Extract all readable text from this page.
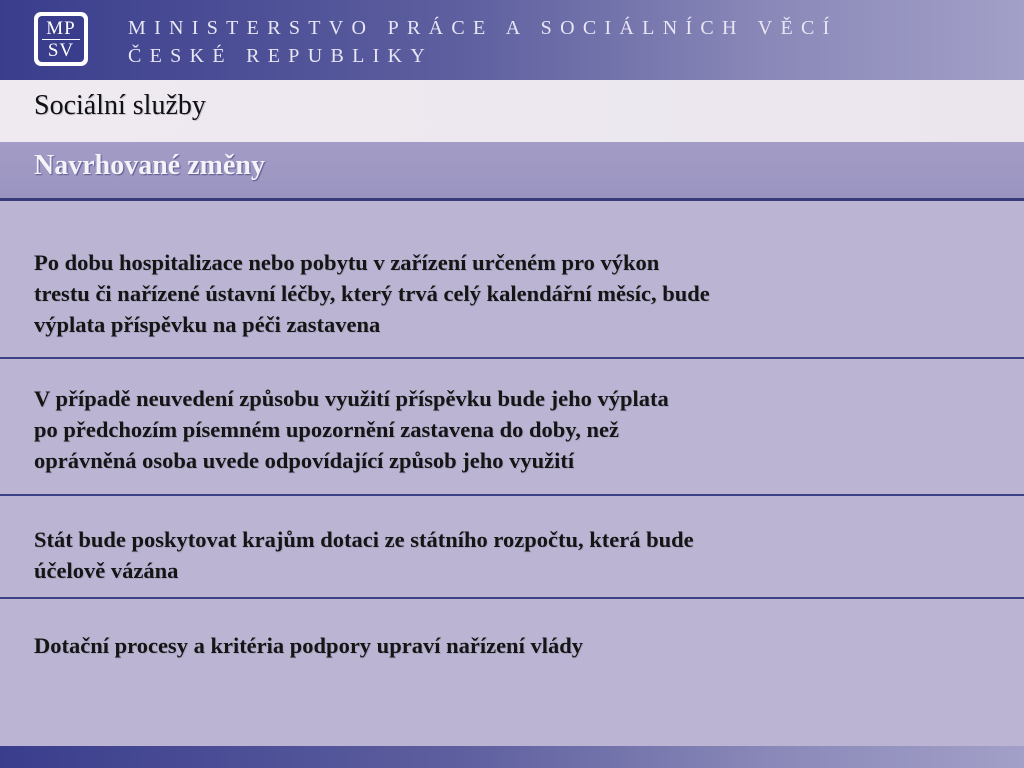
MP
SV
MINISTERSTVO PRÁCE A SOCIÁLNÍCH VĚCÍ
ČESKÉ REPUBLIKY
Sociální služby
Navrhované změny
Po dobu hospitalizace nebo pobytu v zařízení určeném pro výkon
trestu či nařízené ústavní léčby, který trvá celý kalendářní měsíc, bude
výplata příspěvku na péči zastavena
V případě neuvedení způsobu využití příspěvku bude jeho výplata
po předchozím písemném upozornění zastavena do doby, než
oprávněná osoba uvede odpovídající způsob jeho využití
Stát bude poskytovat krajům dotaci ze státního rozpočtu, která bude
účelově vázána
Dotační procesy a kritéria podpory upraví nařízení vlády
